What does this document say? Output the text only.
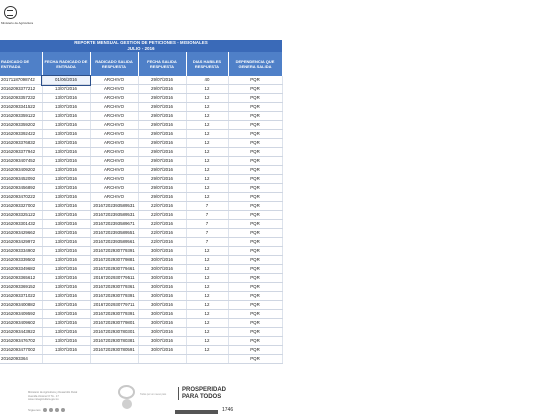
Ministerio de Agricultura
REPORTE MENSUAL GESTION DE PETICIONES - MISIONALES
JULIO - 2016
RADICADO DE ENTRADA	FECHA RADICADO DE ENTRADA	RADICADO SALIDA RESPUESTA	FECHA SALIDA RESPUESTA	DIAS HABILES RESPUESTA	DEPENDENCIA QUE GENERA SALIDA
20171187098742	01/06/2016	ARCHIVO	29/07/2016	40	PQR
20162093377212	13/07/2016	ARCHIVO	29/07/2016	12	PQR
20162093357232	13/07/2016	ARCHIVO	29/07/2016	12	PQR
20162093341522	13/07/2016	ARCHIVO	29/07/2016	12	PQR
20162093359122	13/07/2016	ARCHIVO	29/07/2016	12	PQR
20162093359202	13/07/2016	ARCHIVO	29/07/2016	12	PQR
20162093392422	13/07/2016	ARCHIVO	29/07/2016	12	PQR
20162093376832	13/07/2016	ARCHIVO	29/07/2016	12	PQR
20162093377942	13/07/2016	ARCHIVO	29/07/2016	12	PQR
20162093407452	13/07/2016	ARCHIVO	29/07/2016	12	PQR
20162093409202	13/07/2016	ARCHIVO	29/07/2016	12	PQR
20162093452092	13/07/2016	ARCHIVO	29/07/2016	12	PQR
20162093456892	13/07/2016	ARCHIVO	29/07/2016	12	PQR
20162093470222	13/07/2016	ARCHIVO	29/07/2016	12	PQR
20162093327002	13/07/2016	20167202393589531	22/07/2016	7	PQR
20162093325122	13/07/2016	20167202393589531	22/07/2016	7	PQR
20162093301432	13/07/2016	20167202393589671	22/07/2016	7	PQR
20162093429662	13/07/2016	20167202393589551	22/07/2016	7	PQR
20162093429972	13/07/2016	20167202393589561	22/07/2016	7	PQR
20162093334902	13/07/2016	20167202930779391	30/07/2016	12	PQR
20162093339502	13/07/2016	20167202930779881	30/07/2016	12	PQR
20162093349682	13/07/2016	20167202930779461	30/07/2016	12	PQR
20162093365612	13/07/2016	20167202930779511	30/07/2016	12	PQR
20162093369152	13/07/2016	20167202930779361	30/07/2016	12	PQR
20162093371022	13/07/2016	20167202930779391	30/07/2016	12	PQR
20162093400882	13/07/2016	20167202930779711	30/07/2016	12	PQR
20162093409592	13/07/2016	20167202930779391	30/07/2016	12	PQR
20162093409602	13/07/2016	20167202930779801	30/07/2016	12	PQR
20162093443922	13/07/2016	20167202930780301	30/07/2016	12	PQR
20162093476702	13/07/2016	20167202930780381	30/07/2016	12	PQR
20162093477002	13/07/2016	20167202930780591	30/07/2016	12	PQR
20162093364					PQR
Ministerio de Agricultura y Desarrollo Rural
Avenida Jiménez # 7A - 17
www.minagricultura.gov.co
Síguenos
Todos por un nuevo país
PROSPERIDAD
PARA TODOS
1746
